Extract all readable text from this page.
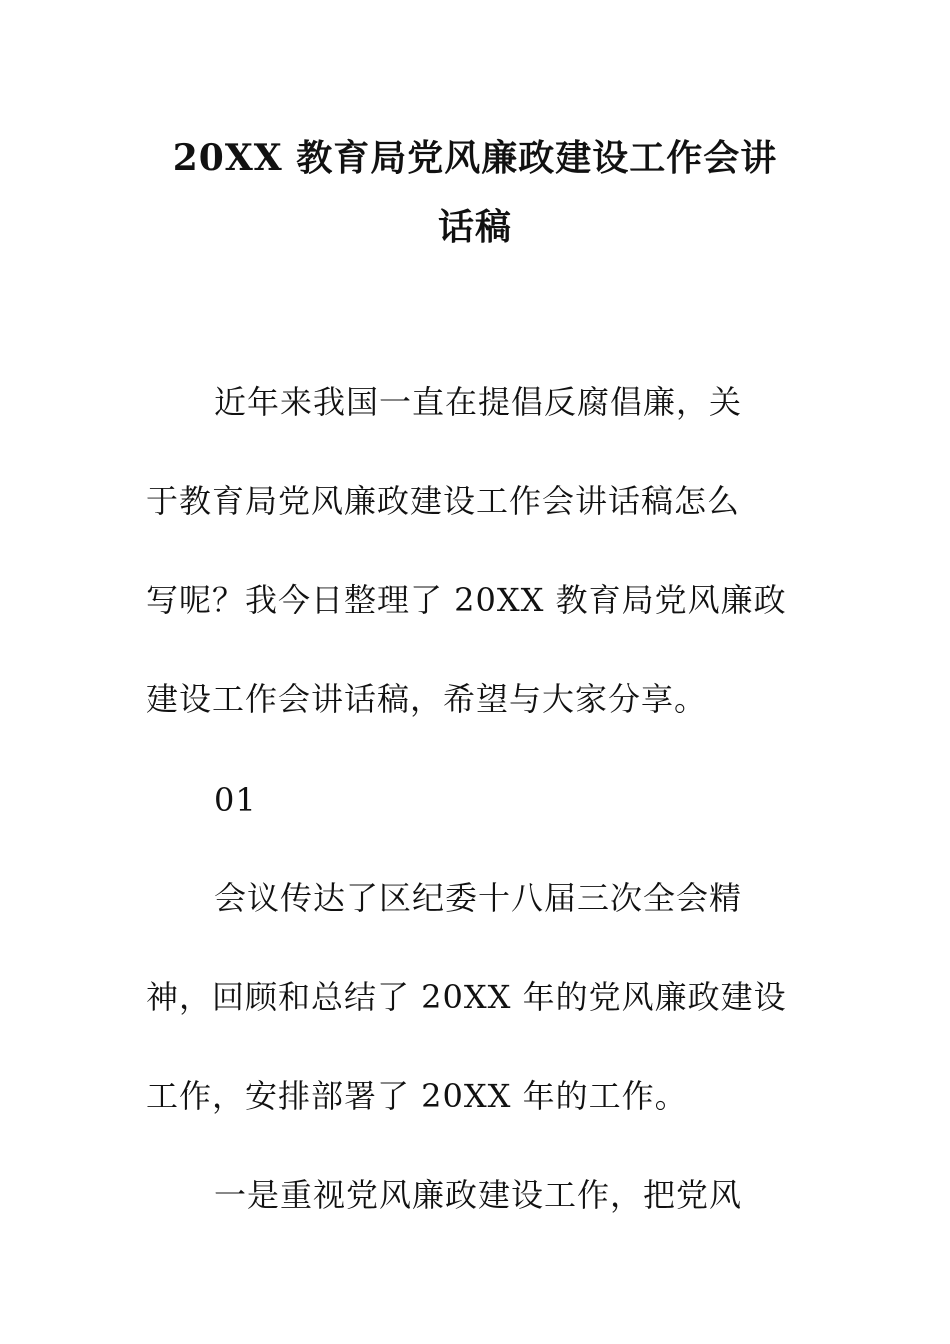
20XX 教育局党风廉政建设工作会讲
话稿
近年来我国一直在提倡反腐倡廉，关
于教育局党风廉政建设工作会讲话稿怎么
写呢？我今日整理了 20XX 教育局党风廉政
建设工作会讲话稿，希望与大家分享。
01
会议传达了区纪委十八届三次全会精
神，回顾和总结了 20XX 年的党风廉政建设
工作，安排部署了 20XX 年的工作。
一是重视党风廉政建设工作，把党风
